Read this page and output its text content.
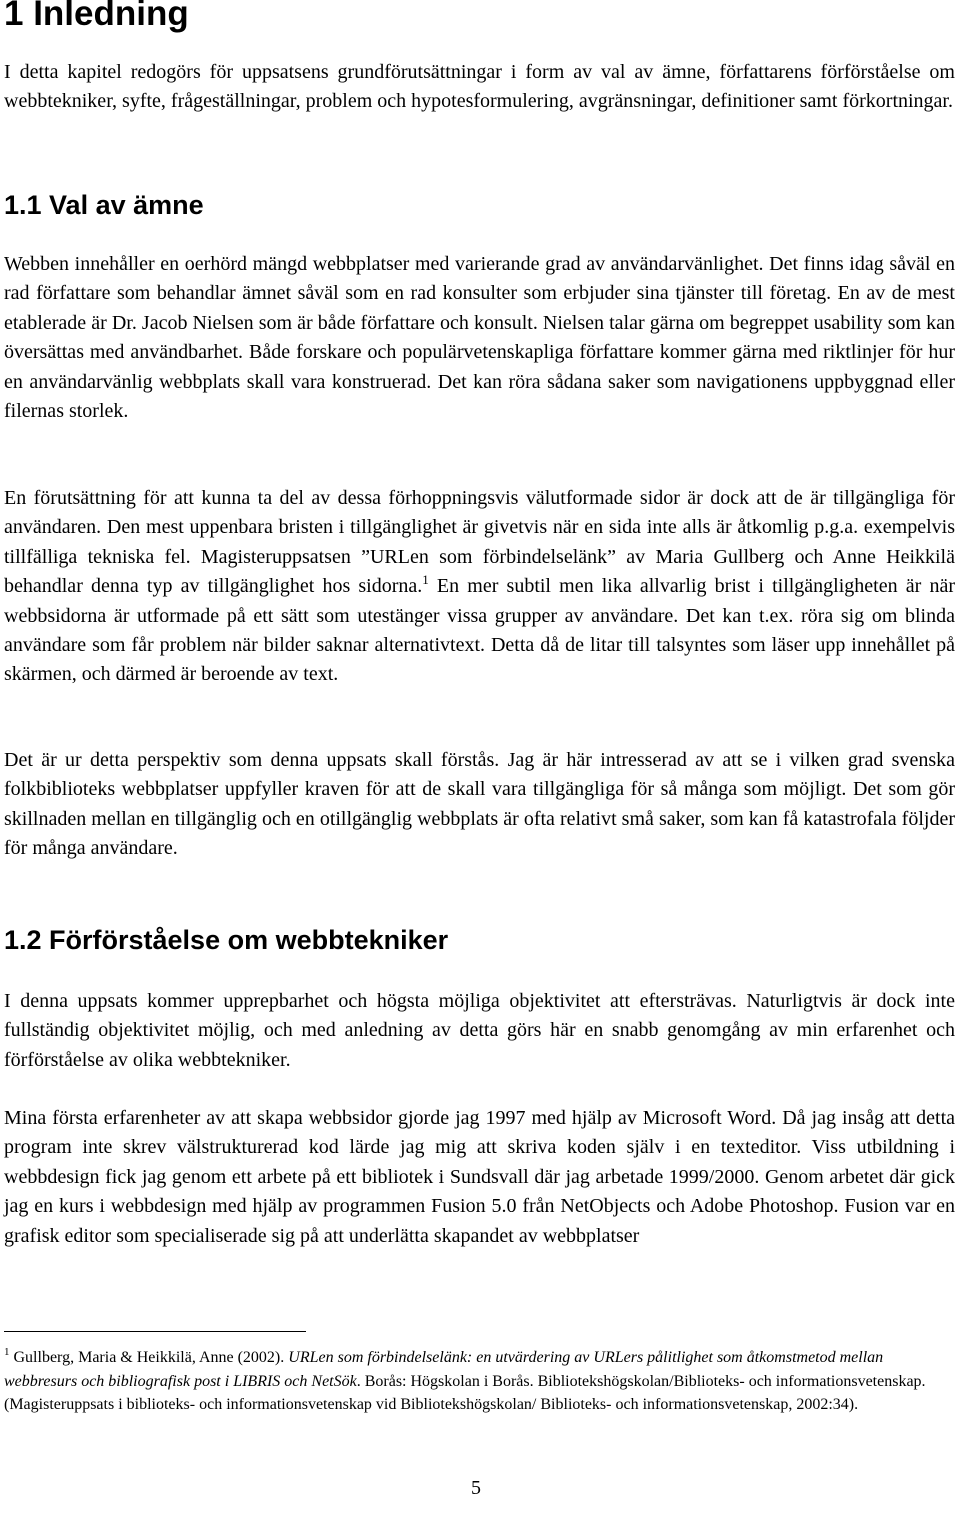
1 Inledning

I detta kapitel redogörs för uppsatsens grundförutsättningar i form av val av ämne, författarens förförståelse om webbtekniker, syfte, frågeställningar, problem och hypotesformulering, avgränsningar, definitioner samt förkortningar.

1.1 Val av ämne

Webben innehåller en oerhörd mängd webbplatser med varierande grad av användarvänlighet. Det finns idag såväl en rad författare som behandlar ämnet såväl som en rad konsulter som erbjuder sina tjänster till företag. En av de mest etablerade är Dr. Jacob Nielsen som är både författare och konsult. Nielsen talar gärna om begreppet usability som kan översättas med användbarhet. Både forskare och populärvetenskapliga författare kommer gärna med riktlinjer för hur en användarvänlig webbplats skall vara konstruerad. Det kan röra sådana saker som navigationens uppbyggnad eller filernas storlek.

En förutsättning för att kunna ta del av dessa förhoppningsvis välutformade sidor är dock att de är tillgängliga för användaren. Den mest uppenbara bristen i tillgänglighet är givetvis när en sida inte alls är åtkomlig p.g.a. exempelvis tillfälliga tekniska fel. Magisteruppsatsen ”URLen som förbindelselänk” av Maria Gullberg och Anne Heikkilä behandlar denna typ av tillgänglighet hos sidorna.$^1$ En mer subtil men lika allvarlig brist i tillgängligheten är när webbsidorna är utformade på ett sätt som utestänger vissa grupper av användare. Det kan t.ex. röra sig om blinda användare som får problem när bilder saknar alternativtext. Detta då de litar till talsyntes som läser upp innehållet på skärmen, och därmed är beroende av text.

Det är ur detta perspektiv som denna uppsats skall förstås. Jag är här intresserad av att se i vilken grad svenska folkbiblioteks webbplatser uppfyller kraven för att de skall vara tillgängliga för så många som möjligt. Det som gör skillnaden mellan en tillgänglig och en otillgänglig webbplats är ofta relativt små saker, som kan få katastrofala följder för många användare.

1.2 Förförståelse om webbtekniker

I denna uppsats kommer upprepbarhet och högsta möjliga objektivitet att eftersträvas. Naturligtvis är dock inte fullständig objektivitet möjlig, och med anledning av detta görs här en snabb genomgång av min erfarenhet och förförståelse av olika webbtekniker.

Mina första erfarenheter av att skapa webbsidor gjorde jag 1997 med hjälp av Microsoft Word. Då jag insåg att detta program inte skrev välstrukturerad kod lärde jag mig att skriva koden själv i en texteditor. Viss utbildning i webbdesign fick jag genom ett arbete på ett bibliotek i Sundsvall där jag arbetade 1999/2000. Genom arbetet där gick jag en kurs i webbdesign med hjälp av programmen Fusion 5.0 från NetObjects och Adobe Photoshop. Fusion var en grafisk editor som specialiserade sig på att underlätta skapandet av webbplatser

$^1$ Gullberg, Maria & Heikkilä, Anne (2002). URLen som förbindelselänk: en utvärdering av URLers pålitlighet som åtkomstmetod mellan webbresurs och bibliografisk post i LIBRIS och NetSök. Borås: Högskolan i Borås. Bibliotekshögskolan/Biblioteks- och informationsvetenskap. (Magisteruppsats i biblioteks- och informationsvetenskap vid Bibliotekshögskolan/ Biblioteks- och informationsvetenskap, 2002:34).

5
